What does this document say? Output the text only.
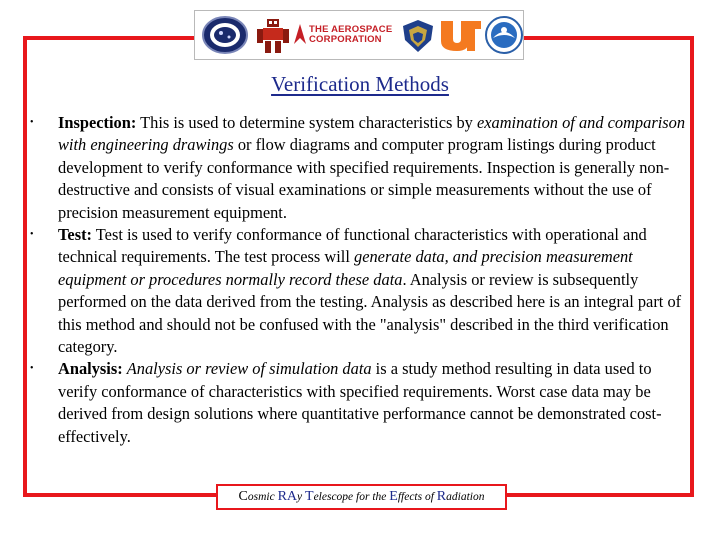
THE AEROSPACE
CORPORATION
Verification Methods
• Inspection: This is used to determine system characteristics by examination of and comparison with engineering drawings or flow diagrams and computer program listings during product development to verify conformance with specified requirements. Inspection is generally non-destructive and consists of visual examinations or simple measurements without the use of precision measurement equipment.
• Test: Test is used to verify conformance of functional characteristics with operational and technical requirements. The test process will generate data, and precision measurement equipment or procedures normally record these data. Analysis or review is subsequently performed on the data derived from the testing. Analysis as described here is an integral part of this method and should not be confused with the "analysis" described in the third verification category.
• Analysis: Analysis or review of simulation data is a study method resulting in data used to verify conformance of characteristics with specified requirements. Worst case data may be derived from design solutions where quantitative performance cannot be demonstrated cost-effectively.
Cosmic RAy Telescope for the Effects of Radiation
